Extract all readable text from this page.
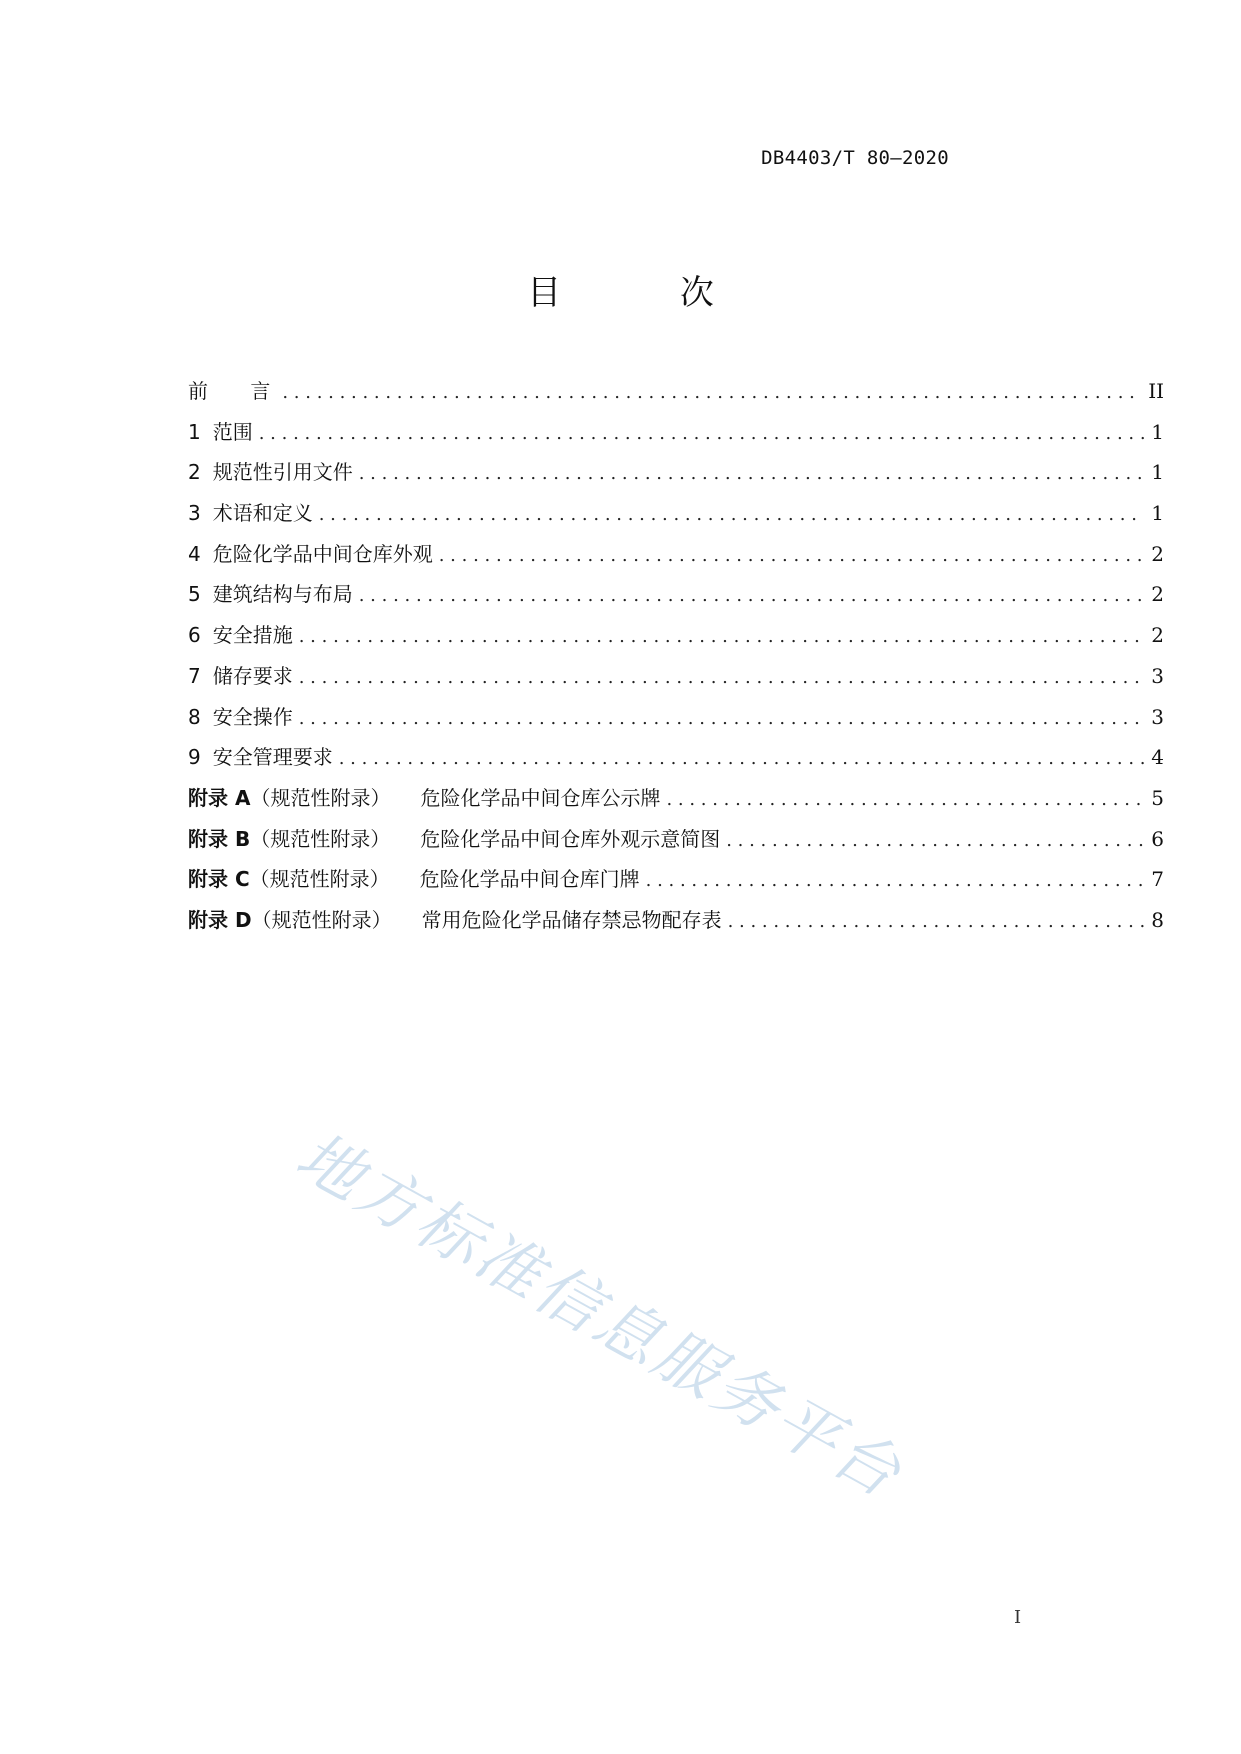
DB4403/T 80—2020
目 次
前 言 . . .	II
1 范围 . . .	1
2 规范性引用文件 . . .	1
3 术语和定义 . . .	1
4 危险化学品中间仓库外观 . . .	2
5 建筑结构与布局 . . .	2
6 安全措施 . . .	2
7 储存要求 . . .	3
8 安全操作 . . .	3
9 安全管理要求 . . .	4
附录 A （规范性附录） 危险化学品中间仓库公示牌 . . .	5
附录 B （规范性附录） 危险化学品中间仓库外观示意简图 . . .	6
附录 C （规范性附录） 危险化学品中间仓库门牌 . . .	7
附录 D （规范性附录） 常用危险化学品储存禁忌物配存表 . . .	8
地方标准信息服务平台
I
